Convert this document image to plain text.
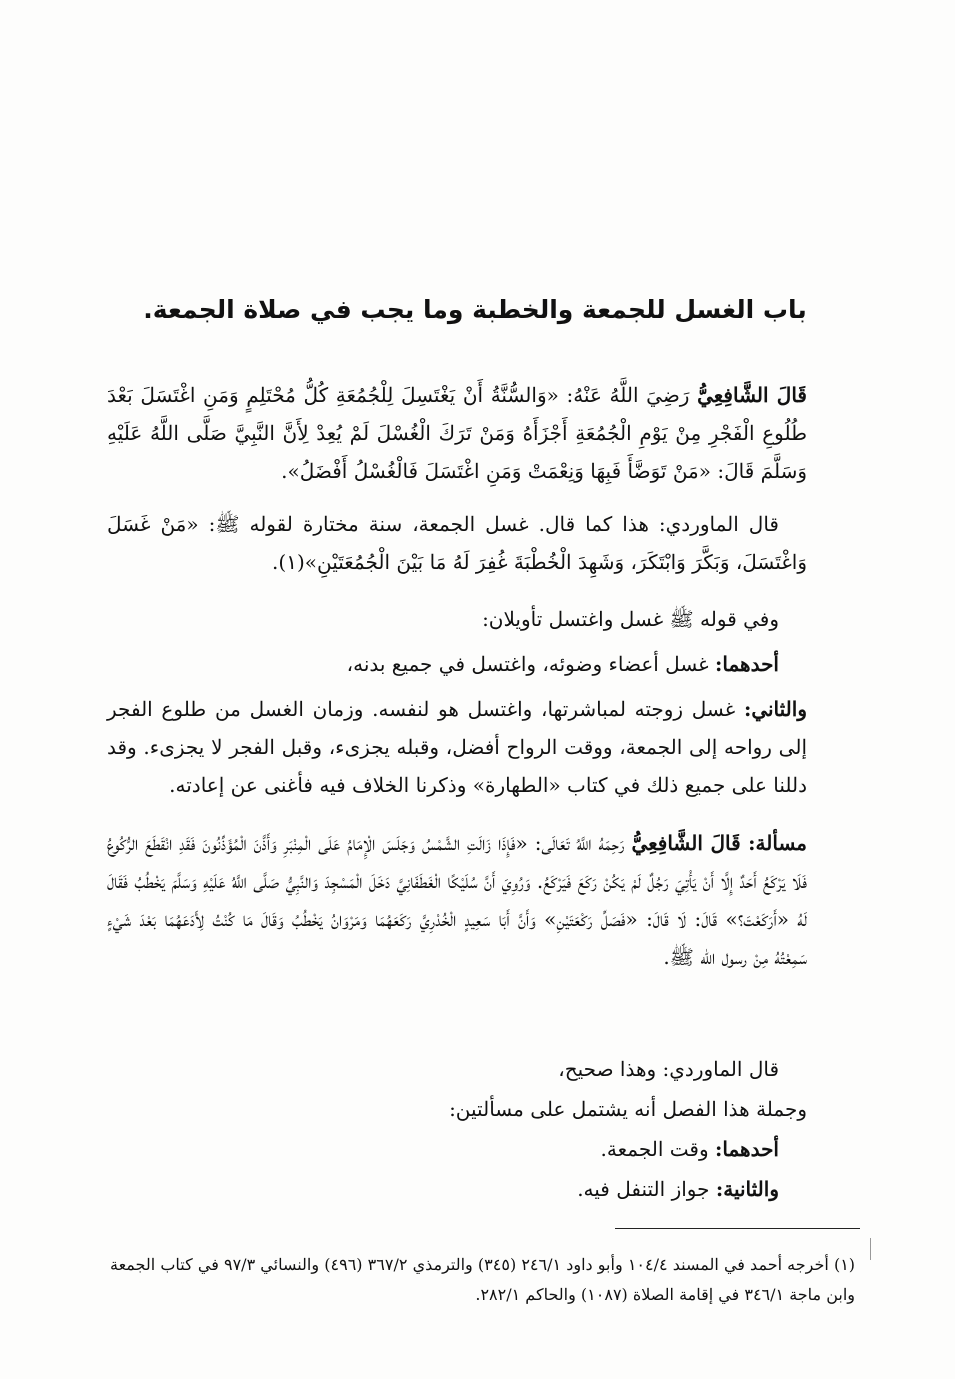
باب الغسل للجمعة والخطبة وما يجب في صلاة الجمعة.
قَالَ الشَّافِعِيُّ رَضِيَ اللَّهُ عَنْهُ: «وَالسُّنَّةُ أَنْ يَغْتَسِلَ لِلْجُمُعَةِ كُلُّ مُحْتَلِمٍ وَمَنِ اغْتَسَلَ بَعْدَ طُلُوعِ الْفَجْرِ مِنْ يَوْمِ الْجُمُعَةِ أَجْزَأَهُ وَمَنْ تَرَكَ الْغُسْلَ لَمْ يُعِدْ لِأَنَّ النَّبِيَّ صَلَّى اللَّهُ عَلَيْهِ وَسَلَّمَ قَالَ: «مَنْ تَوَضَّأَ فَبِهَا وَنِعْمَتْ وَمَنِ اغْتَسَلَ فَالْغُسْلُ أَفْضَلُ».
قال الماوردي: هذا كما قال. غسل الجمعة، سنة مختارة لقوله ﷺ: «مَنْ غَسَلَ وَاغْتَسَلَ، وَبَكَّرَ وَابْتَكَرَ، وَشَهِدَ الْخُطْبَةَ غُفِرَ لَهُ مَا بَيْنَ الْجُمُعَتَيْنِ»(١).
وفي قوله ﷺ غسل واغتسل تأويلان:
أحدهما: غسل أعضاء وضوئه، واغتسل في جميع بدنه،
والثاني: غسل زوجته لمباشرتها، واغتسل هو لنفسه. وزمان الغسل من طلوع الفجر إلى رواحه إلى الجمعة، ووقت الرواح أفضل، وقبله يجزىء، وقبل الفجر لا يجزىء. وقد دللنا على جميع ذلك في كتاب «الطهارة» وذكرنا الخلاف فيه فأغنى عن إعادته.
مسألة: قَالَ الشَّافِعِيُّ رَحِمَهُ اللَّهُ تَعَالَى: «فَإِذَا زَالَتِ الشَّمْسُ وَجَلَسَ الْإِمَامُ عَلَى الْمِنْبَرِ وَأَذَّنَ الْمُؤَذِّنُونَ فَقَدِ انْقَطَعَ الرُّكُوعُ فَلَا يَرْكَعُ أَحَدٌ إِلَّا أَنْ يَأْتِيَ رَجُلٌ لَمْ يَكُنْ رَكَعَ فَيَرْكَعُ. وَرُوِيَ أَنَّ سُلَيْكًا الْغَطَفَانِيَّ دَخَلَ الْمَسْجِدَ وَالنَّبِيُّ صَلَّى اللَّهُ عَلَيْهِ وَسَلَّمَ يَخْطُبُ فَقَالَ لَهُ «أَرَكَعْتَ؟» قَالَ: لَا قَالَ: «فَصَلِّ رَكْعَتَيْنِ» وَأَنَّ أَبَا سَعِيدٍ الْخُدْرِيَّ رَكَعَهُمَا وَمَرْوَانُ يَخْطُبُ وَقَالَ مَا كُنْتُ لِأَدَعَهُمَا بَعْدَ شَيْءٍ سَمِعْتُهُ مِنْ رسول الله ﷺ.
قال الماوردي: وهذا صحيح،
وجملة هذا الفصل أنه يشتمل على مسألتين:
أحدهما: وقت الجمعة.
والثانية: جواز التنفل فيه.
(١) أخرجه أحمد في المسند ١٠٤/٤ وأبو داود ٢٤٦/١ (٣٤٥) والترمذي ٣٦٧/٢ (٤٩٦) والنسائي ٩٧/٣ في كتاب الجمعة وابن ماجة ٣٤٦/١ في إقامة الصلاة (١٠٨٧) والحاكم ٢٨٢/١.
